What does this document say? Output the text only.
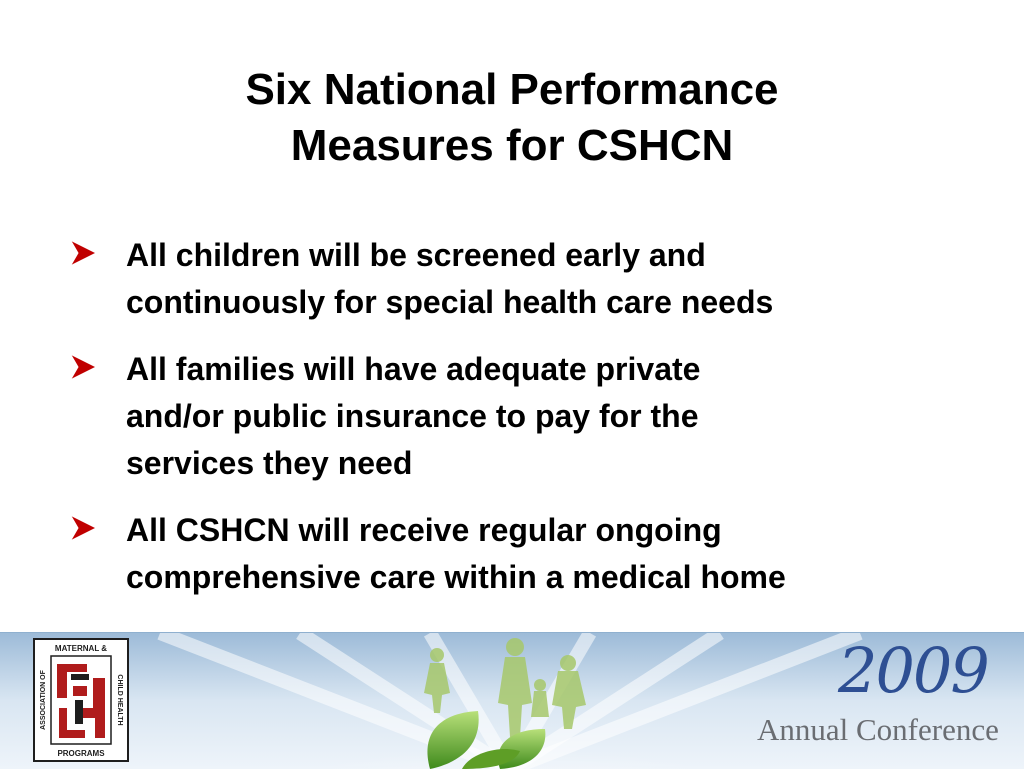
Six National Performance
Measures for CSHCN
All children will be screened early and
continuously for special health care needs
All families will have adequate private
and/or public insurance to pay for the
services they need
All CSHCN will receive regular ongoing
comprehensive care within a medical home
MATERNAL &
PROGRAMS
ASSOCIATION OF	CHILD HEALTH	2009
Annual Conference
